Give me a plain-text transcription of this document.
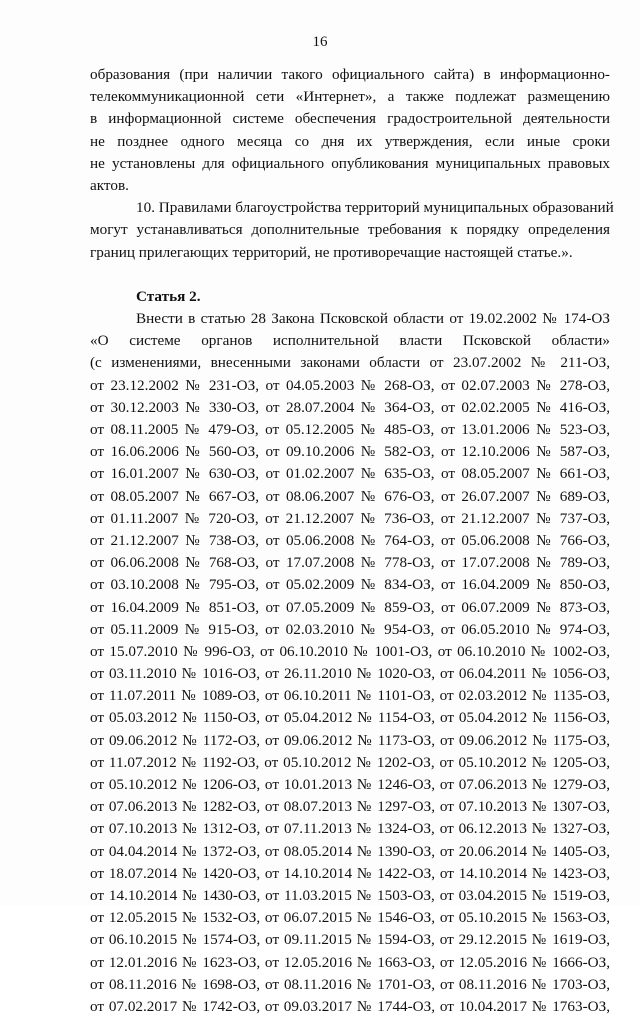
16
образования (при наличии такого официального сайта) в информационно-
телекоммуникационной сети «Интернет», а также подлежат размещению
в информационной системе обеспечения градостроительной деятельности
не позднее одного месяца со дня их утверждения, если иные сроки
не установлены для официального опубликования муниципальных правовых
актов.
10. Правилами благоустройства территорий муниципальных образований
могут устанавливаться дополнительные требования к порядку определения
границ прилегающих территорий, не противоречащие настоящей статье.».
Статья 2.
Внести в статью 28 Закона Псковской области от 19.02.2002 № 174-ОЗ
«О системе органов исполнительной власти Псковской области»
(с изменениями, внесенными законами области от 23.07.2002 № 211-ОЗ,
от 23.12.2002 № 231-ОЗ, от 04.05.2003 № 268-ОЗ, от 02.07.2003 № 278-ОЗ,
от 30.12.2003 № 330-ОЗ, от 28.07.2004 № 364-ОЗ, от 02.02.2005 № 416-ОЗ,
от 08.11.2005 № 479-ОЗ, от 05.12.2005 № 485-ОЗ, от 13.01.2006 № 523-ОЗ,
от 16.06.2006 № 560-ОЗ, от 09.10.2006 № 582-ОЗ, от 12.10.2006 № 587-ОЗ,
от 16.01.2007 № 630-ОЗ, от 01.02.2007 № 635-ОЗ, от 08.05.2007 № 661-ОЗ,
от 08.05.2007 № 667-ОЗ, от 08.06.2007 № 676-ОЗ, от 26.07.2007 № 689-ОЗ,
от 01.11.2007 № 720-ОЗ, от 21.12.2007 № 736-ОЗ, от 21.12.2007 № 737-ОЗ,
от 21.12.2007 № 738-ОЗ, от 05.06.2008 № 764-ОЗ, от 05.06.2008 № 766-ОЗ,
от 06.06.2008 № 768-ОЗ, от 17.07.2008 № 778-ОЗ, от 17.07.2008 № 789-ОЗ,
от 03.10.2008 № 795-ОЗ, от 05.02.2009 № 834-ОЗ, от 16.04.2009 № 850-ОЗ,
от 16.04.2009 № 851-ОЗ, от 07.05.2009 № 859-ОЗ, от 06.07.2009 № 873-ОЗ,
от 05.11.2009 № 915-ОЗ, от 02.03.2010 № 954-ОЗ, от 06.05.2010 № 974-ОЗ,
от 15.07.2010 № 996-ОЗ, от 06.10.2010 № 1001-ОЗ, от 06.10.2010 № 1002-ОЗ,
от 03.11.2010 № 1016-ОЗ, от 26.11.2010 № 1020-ОЗ, от 06.04.2011 № 1056-ОЗ,
от 11.07.2011 № 1089-ОЗ, от 06.10.2011 № 1101-ОЗ, от 02.03.2012 № 1135-ОЗ,
от 05.03.2012 № 1150-ОЗ, от 05.04.2012 № 1154-ОЗ, от 05.04.2012 № 1156-ОЗ,
от 09.06.2012 № 1172-ОЗ, от 09.06.2012 № 1173-ОЗ, от 09.06.2012 № 1175-ОЗ,
от 11.07.2012 № 1192-ОЗ, от 05.10.2012 № 1202-ОЗ, от 05.10.2012 № 1205-ОЗ,
от 05.10.2012 № 1206-ОЗ, от 10.01.2013 № 1246-ОЗ, от 07.06.2013 № 1279-ОЗ,
от 07.06.2013 № 1282-ОЗ, от 08.07.2013 № 1297-ОЗ, от 07.10.2013 № 1307-ОЗ,
от 07.10.2013 № 1312-ОЗ, от 07.11.2013 № 1324-ОЗ, от 06.12.2013 № 1327-ОЗ,
от 04.04.2014 № 1372-ОЗ, от 08.05.2014 № 1390-ОЗ, от 20.06.2014 № 1405-ОЗ,
от 18.07.2014 № 1420-ОЗ, от 14.10.2014 № 1422-ОЗ, от 14.10.2014 № 1423-ОЗ,
от 14.10.2014 № 1430-ОЗ, от 11.03.2015 № 1503-ОЗ, от 03.04.2015 № 1519-ОЗ,
от 12.05.2015 № 1532-ОЗ, от 06.07.2015 № 1546-ОЗ, от 05.10.2015 № 1563-ОЗ,
от 06.10.2015 № 1574-ОЗ, от 09.11.2015 № 1594-ОЗ, от 29.12.2015 № 1619-ОЗ,
от 12.01.2016 № 1623-ОЗ, от 12.05.2016 № 1663-ОЗ, от 12.05.2016 № 1666-ОЗ,
от 08.11.2016 № 1698-ОЗ, от 08.11.2016 № 1701-ОЗ, от 08.11.2016 № 1703-ОЗ,
от 07.02.2017 № 1742-ОЗ, от 09.03.2017 № 1744-ОЗ, от 10.04.2017 № 1763-ОЗ,
